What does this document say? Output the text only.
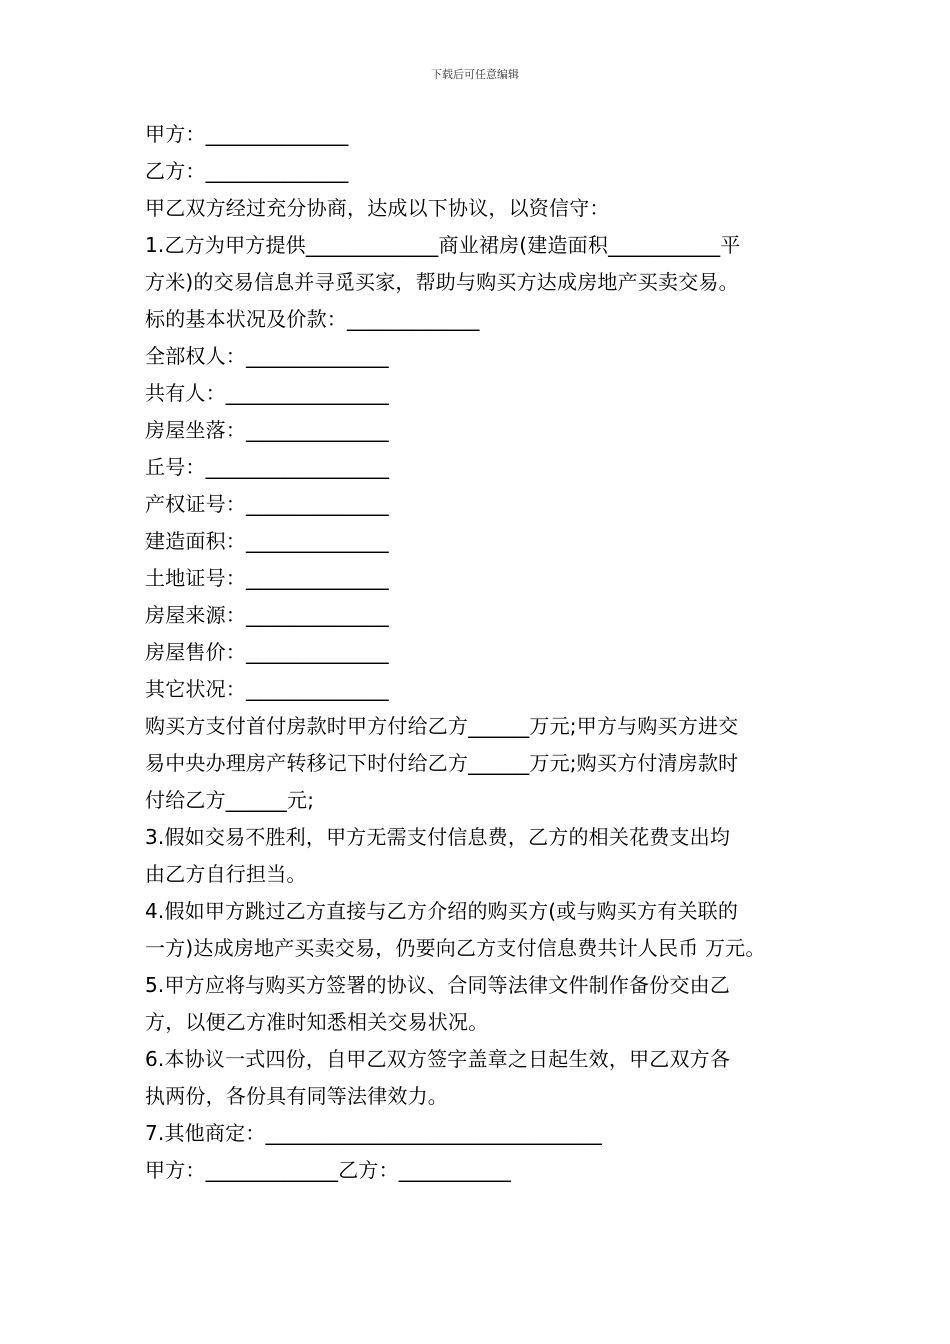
下载后可任意编辑
甲方：______________
乙方：______________
甲乙双方经过充分协商，达成以下协议，以资信守：
1.乙方为甲方提供_____________商业裙房(建造面积___________平
方米)的交易信息并寻觅买家，帮助与购买方达成房地产买卖交易。
标的基本状况及价款：_____________
全部权人：______________
共有人：________________
房屋坐落：______________
丘号：__________________
产权证号：______________
建造面积：______________
土地证号：______________
房屋来源：______________
房屋售价：______________
其它状况：______________
购买方支付首付房款时甲方付给乙方______万元;甲方与购买方进交
易中央办理房产转移记下时付给乙方______万元;购买方付清房款时
付给乙方______元;
3.假如交易不胜利，甲方无需支付信息费，乙方的相关花费支出均
由乙方自行担当。
4.假如甲方跳过乙方直接与乙方介绍的购买方(或与购买方有关联的
一方)达成房地产买卖交易，仍要向乙方支付信息费共计人民币 万元。
5.甲方应将与购买方签署的协议、合同等法律文件制作备份交由乙
方，以便乙方准时知悉相关交易状况。
6.本协议一式四份，自甲乙双方签字盖章之日起生效，甲乙双方各
执两份，各份具有同等法律效力。
7.其他商定：_________________________________
甲方：_____________乙方：___________
